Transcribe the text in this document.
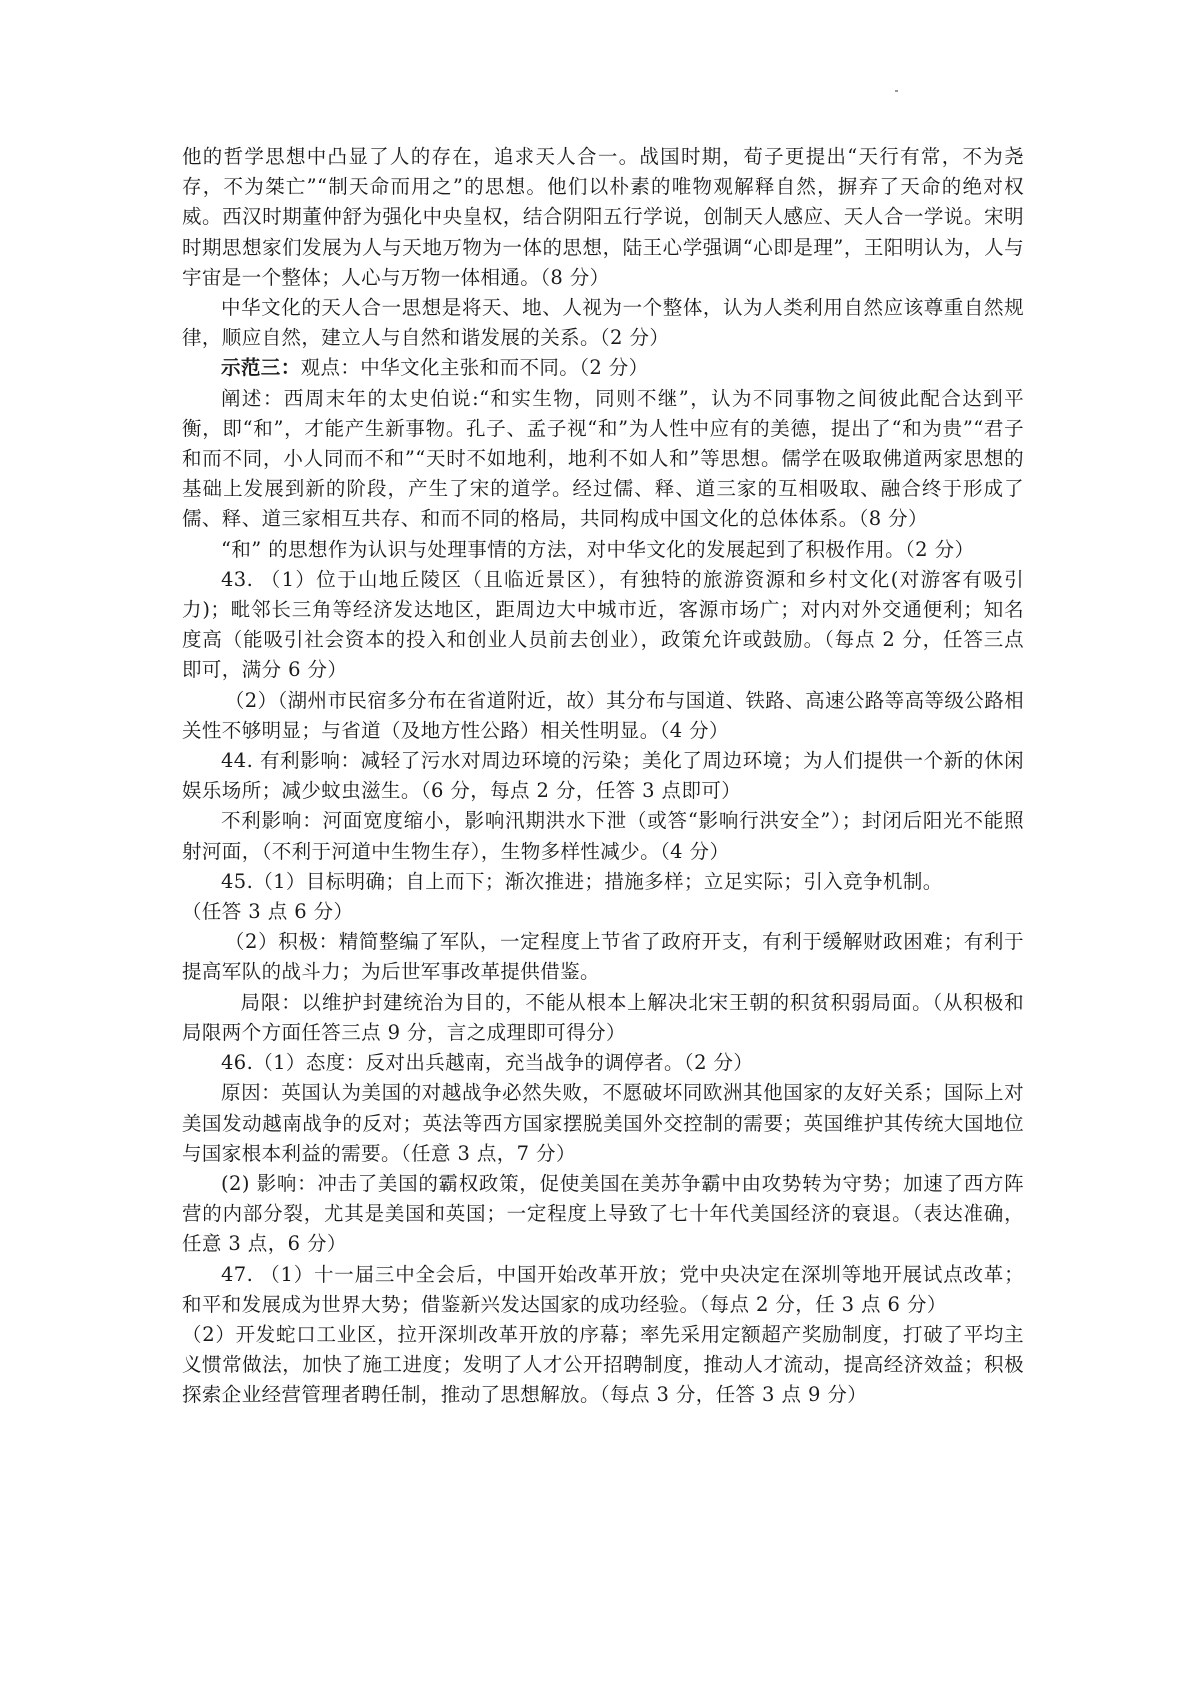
他的哲学思想中凸显了人的存在，追求天人合一。战国时期，荀子更提出“天行有常，不为尧存，不为桀亡”“制天命而用之”的思想。他们以朴素的唯物观解释自然，摒弃了天命的绝对权威。西汉时期董仲舒为强化中央皇权，结合阴阳五行学说，创制天人感应、天人合一学说。宋明时期思想家们发展为人与天地万物为一体的思想，陆王心学强调“心即是理”，王阳明认为，人与宇宙是一个整体；人心与万物一体相通。（8 分）

中华文化的天人合一思想是将天、地、人视为一个整体，认为人类利用自然应该尊重自然规律，顺应自然，建立人与自然和谐发展的关系。（2 分）

示范三：观点：中华文化主张和而不同。（2 分）

阐述：西周末年的太史伯说:“和实生物，同则不继”，认为不同事物之间彼此配合达到平衡，即“和”，才能产生新事物。孔子、孟子视“和”为人性中应有的美德，提出了“和为贵”“君子和而不同，小人同而不和”“天时不如地利，地利不如人和”等思想。儒学在吸取佛道两家思想的基础上发展到新的阶段，产生了宋的道学。经过儒、释、道三家的互相吸取、融合终于形成了儒、释、道三家相互共存、和而不同的格局，共同构成中国文化的总体体系。（8 分）

“和” 的思想作为认识与处理事情的方法，对中华文化的发展起到了积极作用。（2 分）

43. （1）位于山地丘陵区（且临近景区），有独特的旅游资源和乡村文化(对游客有吸引力)；毗邻长三角等经济发达地区，距周边大中城市近，客源市场广；对内对外交通便利；知名度高（能吸引社会资本的投入和创业人员前去创业），政策允许或鼓励。（每点 2 分，任答三点即可，满分 6 分）

（2）（湖州市民宿多分布在省道附近，故）其分布与国道、铁路、高速公路等高等级公路相关性不够明显；与省道（及地方性公路）相关性明显。（4 分）

44. 有利影响：减轻了污水对周边环境的污染；美化了周边环境；为人们提供一个新的休闲娱乐场所；减少蚊虫滋生。（6 分，每点 2 分，任答 3 点即可）

不利影响：河面宽度缩小，影响汛期洪水下泄（或答“影响行洪安全”）；封闭后阳光不能照射河面，（不利于河道中生物生存），生物多样性减少。（4 分）

45.（1）目标明确；自上而下；渐次推进；措施多样；立足实际；引入竞争机制。

（任答 3 点 6 分）

（2）积极：精简整编了军队，一定程度上节省了政府开支，有利于缓解财政困难；有利于提高军队的战斗力；为后世军事改革提供借鉴。

局限：以维护封建统治为目的，不能从根本上解决北宋王朝的积贫积弱局面。（从积极和局限两个方面任答三点 9 分，言之成理即可得分）

46.（1）态度：反对出兵越南，充当战争的调停者。（2 分）

原因：英国认为美国的对越战争必然失败，不愿破坏同欧洲其他国家的友好关系；国际上对美国发动越南战争的反对；英法等西方国家摆脱美国外交控制的需要；英国维护其传统大国地位与国家根本利益的需要。（任意 3 点，7 分）

(2) 影响：冲击了美国的霸权政策，促使美国在美苏争霸中由攻势转为守势；加速了西方阵营的内部分裂，尤其是美国和英国；一定程度上导致了七十年代美国经济的衰退。（表达准确，任意 3 点，6 分）

47. （1）十一届三中全会后，中国开始改革开放；党中央决定在深圳等地开展试点改革；和平和发展成为世界大势；借鉴新兴发达国家的成功经验。（每点 2 分，任 3 点 6 分）

（2）开发蛇口工业区，拉开深圳改革开放的序幕；率先采用定额超产奖励制度，打破了平均主义惯常做法，加快了施工进度；发明了人才公开招聘制度，推动人才流动，提高经济效益；积极探索企业经营管理者聘任制，推动了思想解放。（每点 3 分，任答 3 点 9 分）
